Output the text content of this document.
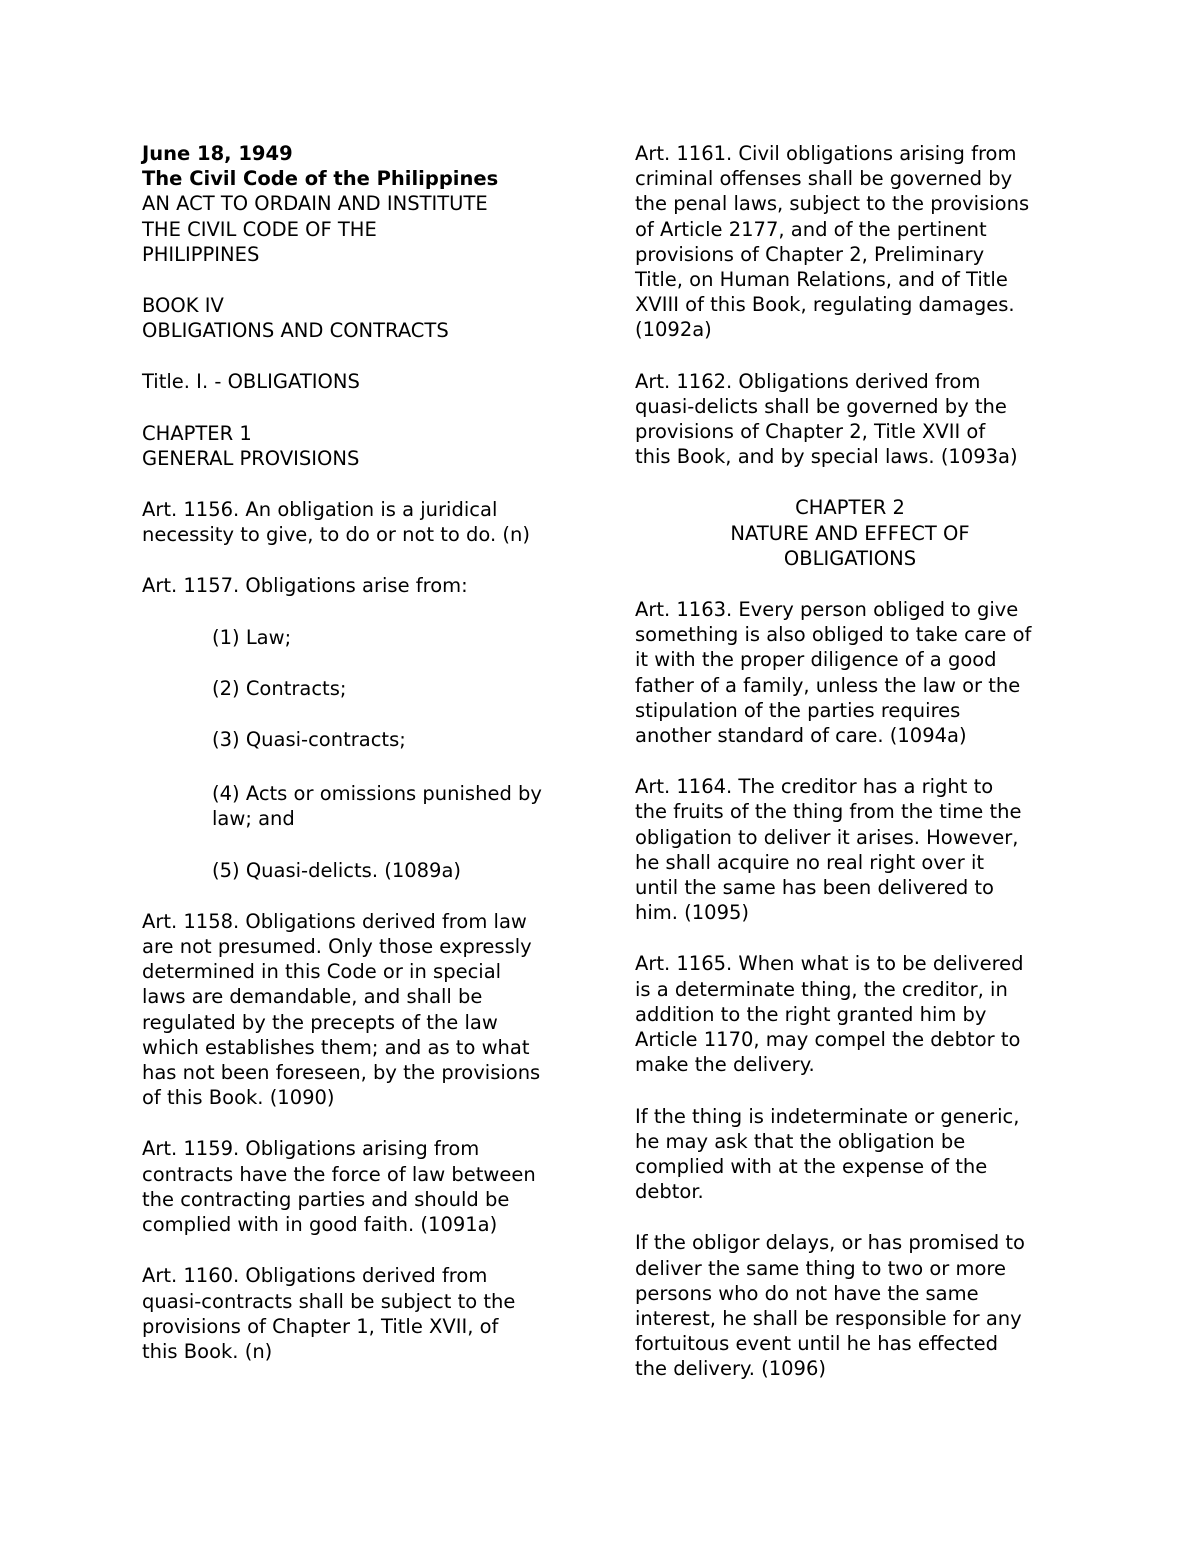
June 18, 1949
The Civil Code of the Philippines
AN ACT TO ORDAIN AND INSTITUTE
THE CIVIL CODE OF THE
PHILIPPINES
BOOK IV
OBLIGATIONS AND CONTRACTS
Title. I. - OBLIGATIONS
CHAPTER 1
GENERAL PROVISIONS
Art. 1156. An obligation is a juridical
necessity to give, to do or not to do. (n)
Art. 1157. Obligations arise from:
(1) Law;
(2) Contracts;
(3) Quasi-contracts;
(4) Acts or omissions punished by
law; and
(5) Quasi-delicts. (1089a)
Art. 1158. Obligations derived from law
are not presumed. Only those expressly
determined in this Code or in special
laws are demandable, and shall be
regulated by the precepts of the law
which establishes them; and as to what
has not been foreseen, by the provisions
of this Book. (1090)
Art. 1159. Obligations arising from
contracts have the force of law between
the contracting parties and should be
complied with in good faith. (1091a)
Art. 1160. Obligations derived from
quasi-contracts shall be subject to the
provisions of Chapter 1, Title XVII, of
this Book. (n)
Art. 1161. Civil obligations arising from
criminal offenses shall be governed by
the penal laws, subject to the provisions
of Article 2177, and of the pertinent
provisions of Chapter 2, Preliminary
Title, on Human Relations, and of Title
XVIII of this Book, regulating damages.
(1092a)
Art. 1162. Obligations derived from
quasi-delicts shall be governed by the
provisions of Chapter 2, Title XVII of
this Book, and by special laws. (1093a)
CHAPTER 2
NATURE AND EFFECT OF
OBLIGATIONS
Art. 1163. Every person obliged to give
something is also obliged to take care of
it with the proper diligence of a good
father of a family, unless the law or the
stipulation of the parties requires
another standard of care. (1094a)
Art. 1164. The creditor has a right to
the fruits of the thing from the time the
obligation to deliver it arises. However,
he shall acquire no real right over it
until the same has been delivered to
him. (1095)
Art. 1165. When what is to be delivered
is a determinate thing, the creditor, in
addition to the right granted him by
Article 1170, may compel the debtor to
make the delivery.
If the thing is indeterminate or generic,
he may ask that the obligation be
complied with at the expense of the
debtor.
If the obligor delays, or has promised to
deliver the same thing to two or more
persons who do not have the same
interest, he shall be responsible for any
fortuitous event until he has effected
the delivery. (1096)
